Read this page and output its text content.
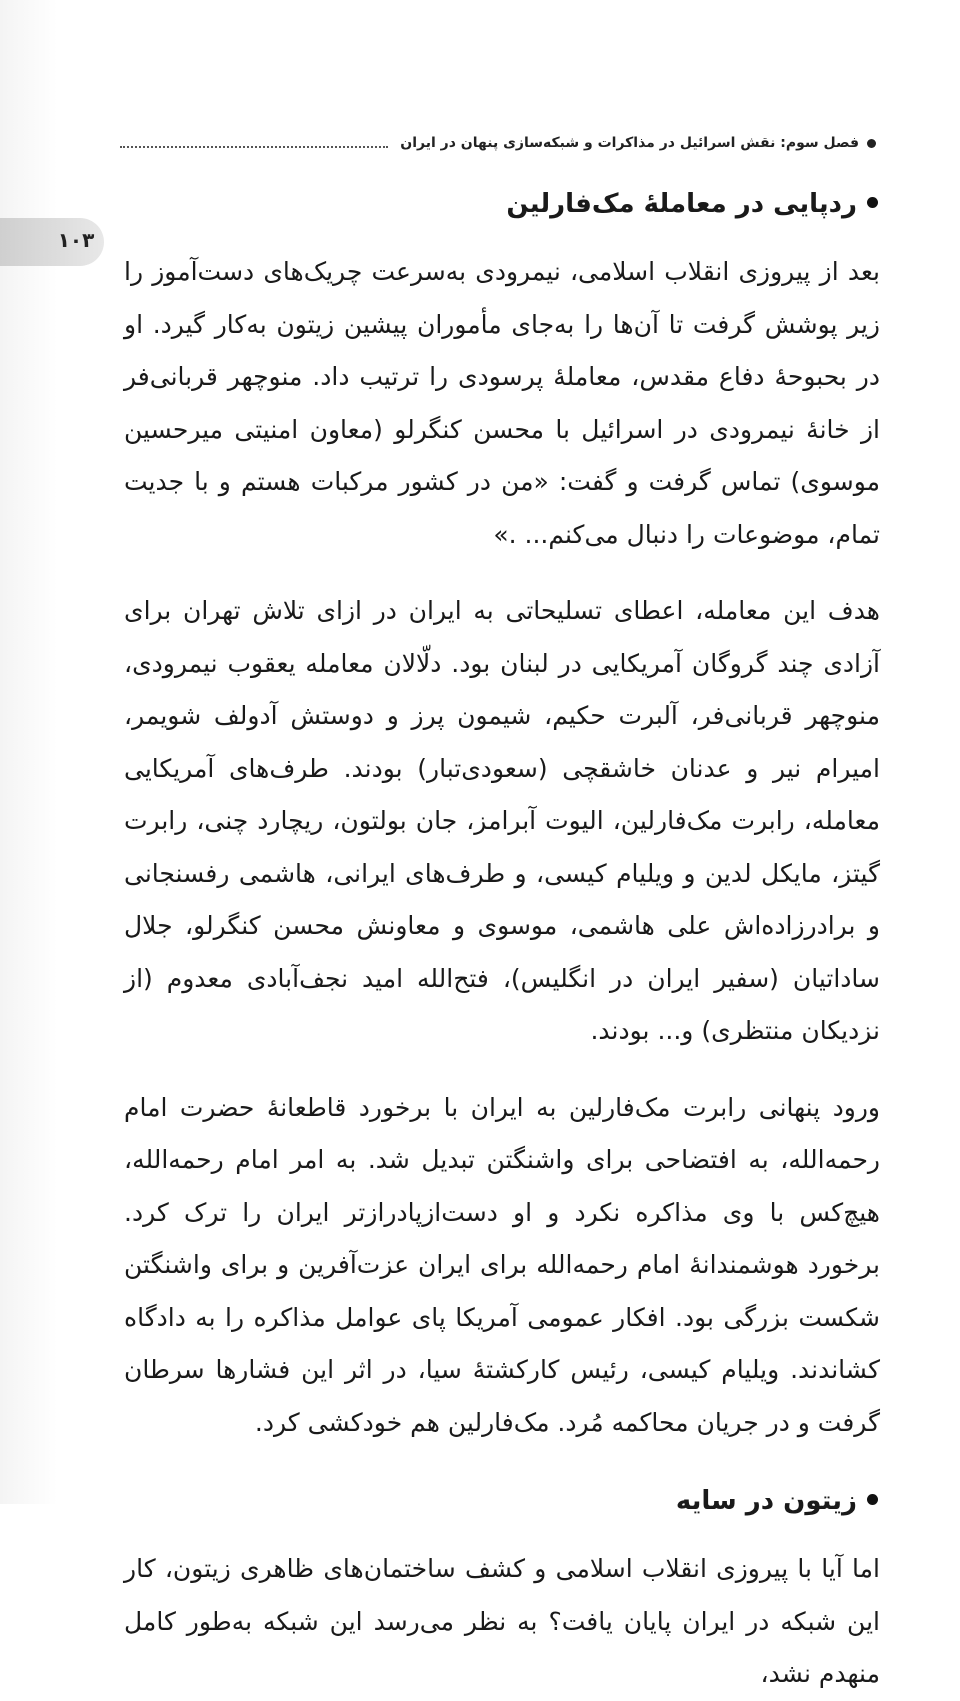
فصل سوم: نقش اسرائیل در مذاکرات و شبکه‌سازی پنهان در ایران
۱۰۳
ردپایی در معاملهٔ مک‌فارلین

بعد از پیروزی انقلاب اسلامی، نیمرودی به‌سرعت چریک‌های دست‌آموز را زیر پوشش گرفت تا آن‌ها را به‌جای مأموران پیشین زیتون به‌کار گیرد. او در بحبوحهٔ دفاع مقدس، معاملهٔ پرسودی را ترتیب داد. منوچهر قربانی‌فر از خانهٔ نیمرودی در اسرائیل با محسن کنگرلو (معاون امنیتی میرحسین موسوی) تماس گرفت و گفت: «من در کشور مرکبات هستم و با جدیت تمام، موضوعات را دنبال می‌کنم... .»

هدف این معامله، اعطای تسلیحاتی به ایران در ازای تلاش تهران برای آزادی چند گروگان آمریکایی در لبنان بود. دلّالان معامله یعقوب نیمرودی، منوچهر قربانی‌فر، آلبرت حکیم، شیمون پرز و دوستش آدولف شویمر، امیرام نیر و عدنان خاشقچی (سعودی‌تبار) بودند. طرف‌های آمریکایی معامله، رابرت مک‌فارلین، الیوت آبرامز، جان بولتون، ریچارد چنی، رابرت گیتز، مایکل لدین و ویلیام کیسی، و طرف‌های ایرانی، هاشمی رفسنجانی و برادرزاده‌اش علی هاشمی، موسوی و معاونش محسن کنگرلو، جلال ساداتیان (سفیر ایران در انگلیس)، فتح‌الله امید نجف‌آبادی معدوم (از نزدیکان منتظری) و... بودند.

ورود پنهانی رابرت مک‌فارلین به ایران با برخورد قاطعانهٔ حضرت امام رحمه‌الله، به افتضاحی برای واشنگتن تبدیل شد. به امر امام رحمه‌الله، هیچ‌کس با وی مذاکره نکرد و او دست‌ازپادرازتر ایران را ترک کرد. برخورد هوشمندانهٔ امام رحمه‌الله برای ایران عزت‌آفرین و برای واشنگتن شکست بزرگی بود. افکار عمومی آمریکا پای عوامل مذاکره را به دادگاه کشاندند. ویلیام کیسی، رئیس کارکشتهٔ سیا، در اثر این فشارها سرطان گرفت و در جریان محاکمه مُرد. مک‌فارلین هم خودکشی کرد.

زیتون در سایه

اما آیا با پیروزی انقلاب اسلامی و کشف ساختمان‌های ظاهری زیتون، کار این شبکه در ایران پایان یافت؟ به نظر می‌رسد این شبکه به‌طور کامل منهدم نشد،
